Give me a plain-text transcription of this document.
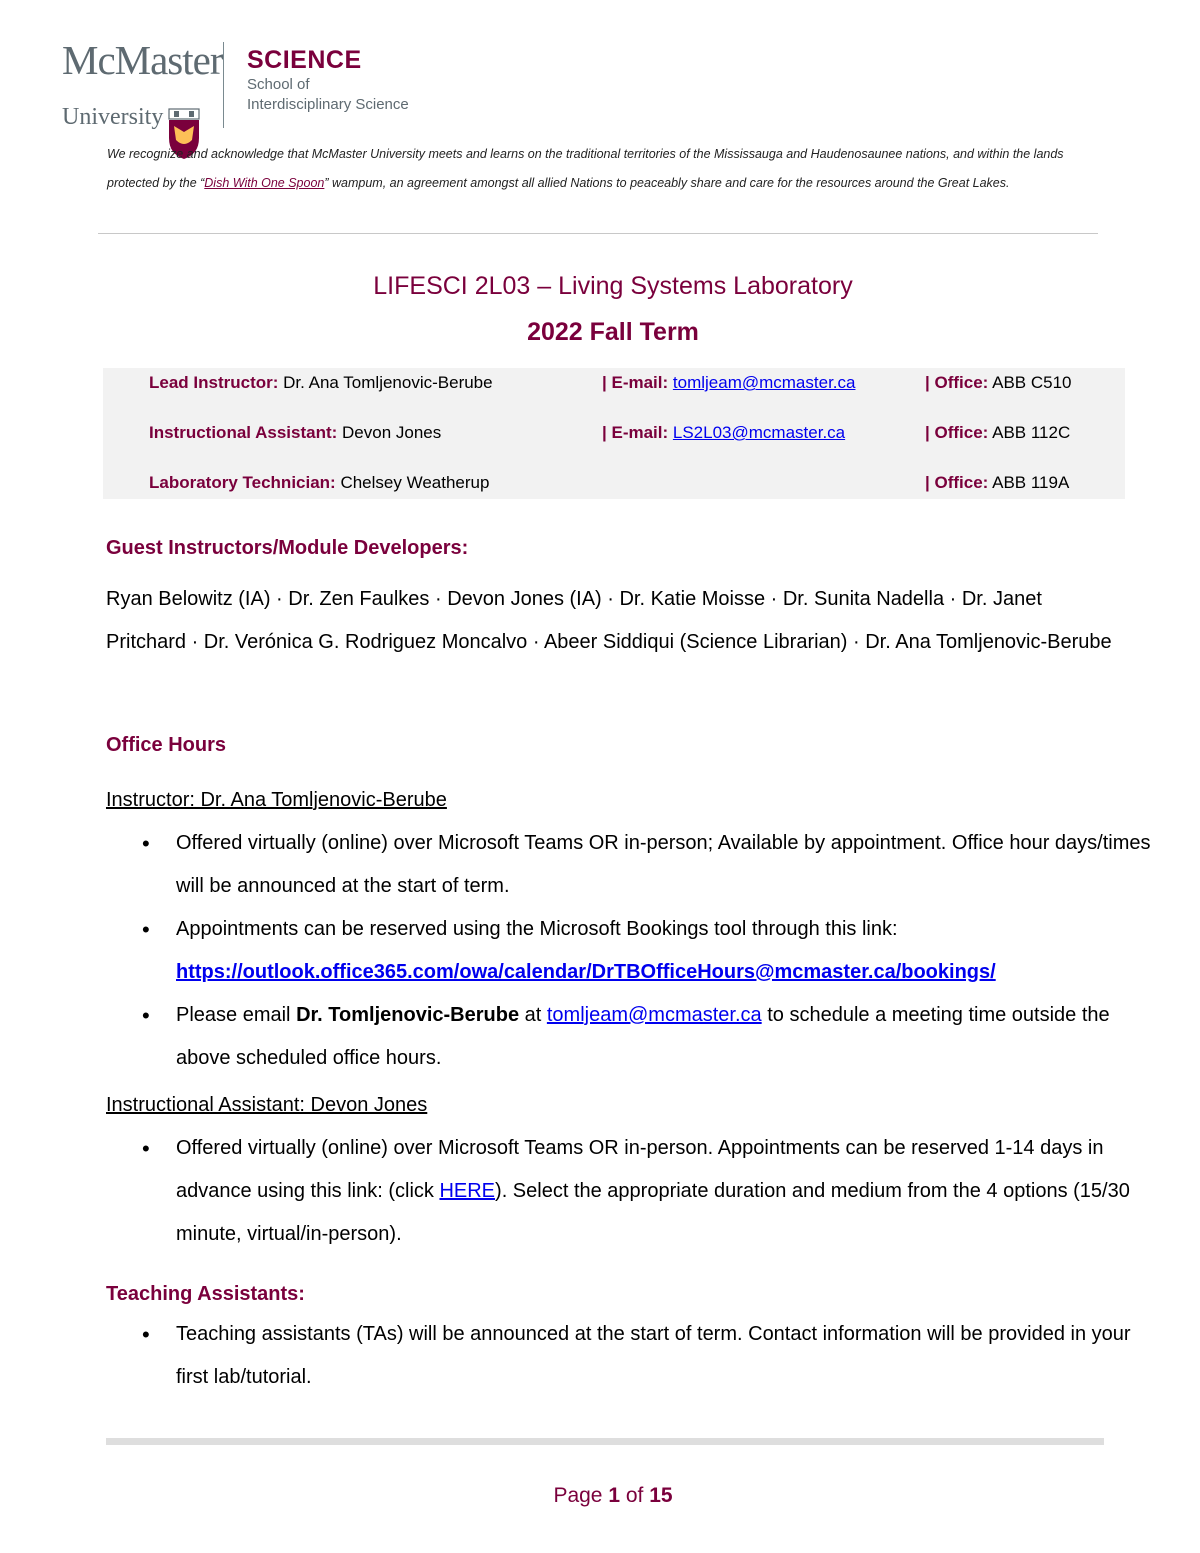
McMaster
University
SCIENCE
School of
Interdisciplinary Science
We recognize and acknowledge that McMaster University meets and learns on the traditional territories of the Mississauga and Haudenosaunee nations, and within the lands protected by the “Dish With One Spoon” wampum, an agreement amongst all allied Nations to peaceably share and care for the resources around the Great Lakes.
LIFESCI 2L03 – Living Systems Laboratory
2022 Fall Term
Lead Instructor: Dr. Ana Tomljenovic-Berube	| E-mail: tomljeam@mcmaster.ca	| Office: ABB C510
Instructional Assistant: Devon Jones	| E-mail: LS2L03@mcmaster.ca	| Office: ABB 112C
Laboratory Technician: Chelsey Weatherup	| Office: ABB 119A
Guest Instructors/Module Developers:
Ryan Belowitz (IA) · Dr. Zen Faulkes · Devon Jones (IA) · Dr. Katie Moisse · Dr. Sunita Nadella · Dr. Janet Pritchard · Dr. Verónica G. Rodriguez Moncalvo · Abeer Siddiqui (Science Librarian) · Dr. Ana Tomljenovic-Berube
Office Hours
Instructor: Dr. Ana Tomljenovic-Berube
• Offered virtually (online) over Microsoft Teams OR in-person; Available by appointment. Office hour days/times will be announced at the start of term.
• Appointments can be reserved using the Microsoft Bookings tool through this link:
https://outlook.office365.com/owa/calendar/DrTBOfficeHours@mcmaster.ca/bookings/
• Please email Dr. Tomljenovic-Berube at tomljeam@mcmaster.ca to schedule a meeting time outside the above scheduled office hours.
Instructional Assistant: Devon Jones
• Offered virtually (online) over Microsoft Teams OR in-person. Appointments can be reserved 1-14 days in advance using this link: (click HERE). Select the appropriate duration and medium from the 4 options (15/30 minute, virtual/in-person).
Teaching Assistants:
• Teaching assistants (TAs) will be announced at the start of term. Contact information will be provided in your first lab/tutorial.
Page 1 of 15
